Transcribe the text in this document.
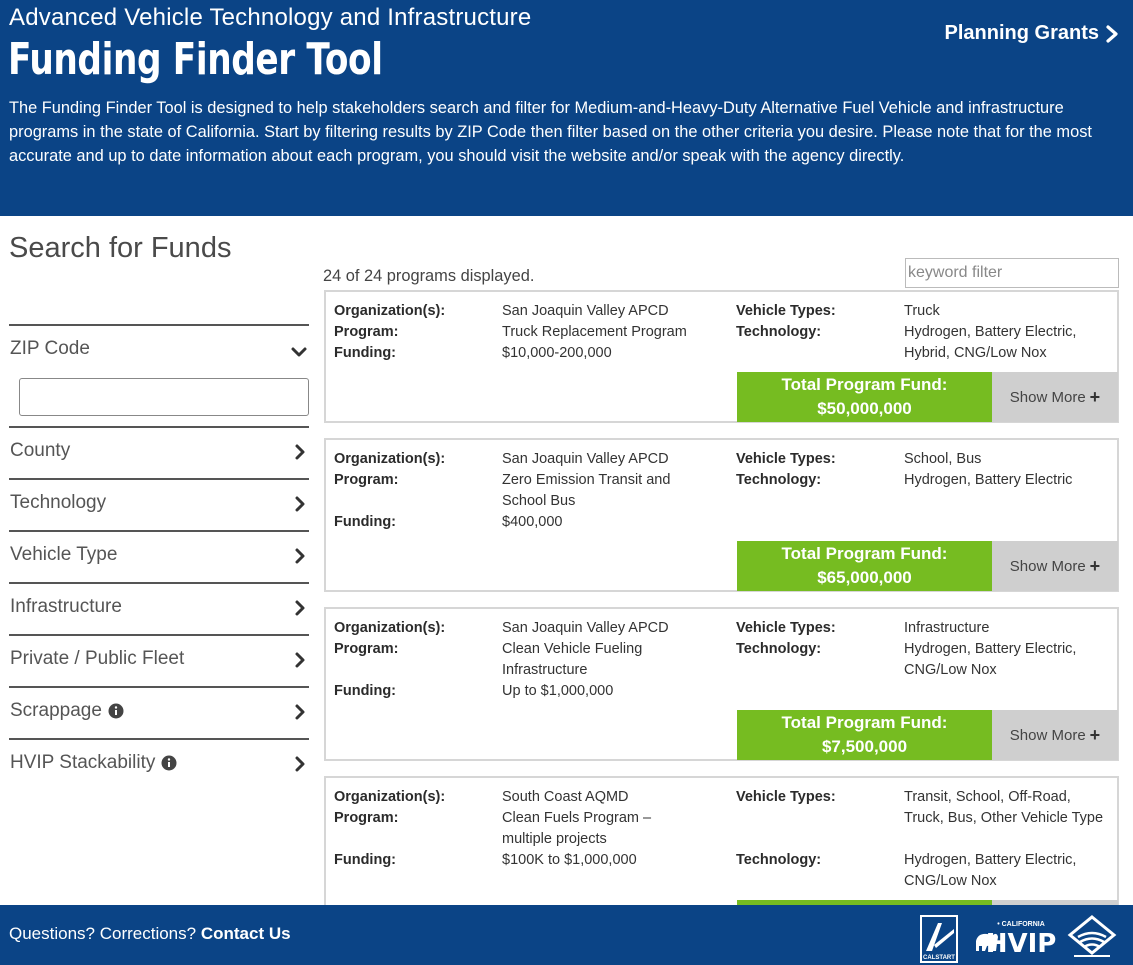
Advanced Vehicle Technology and Infrastructure
Funding Finder Tool
Planning Grants
The Funding Finder Tool is designed to help stakeholders search and filter for Medium-and-Heavy-Duty Alternative Fuel Vehicle and infrastructure programs in the state of California. Start by filtering results by ZIP Code then filter based on the other criteria you desire. Please note that for the most accurate and up to date information about each program, you should visit the website and/or speak with the agency directly.
Search for Funds
ZIP Code
County
Technology
Vehicle Type
Infrastructure
Private / Public Fleet
Scrappage
HVIP Stackability
24 of 24 programs displayed.
keyword filter
Organization(s):
Program:
Funding:
San Joaquin Valley APCD
Truck Replacement Program
$10,000-200,000
Vehicle Types:
Technology:
Truck
Hydrogen, Battery Electric, Hybrid, CNG/Low Nox
Total Program Fund:
$50,000,000
Show More +
Organization(s):
Program:
Funding:
San Joaquin Valley APCD
Zero Emission Transit and School Bus
$400,000
Vehicle Types:
Technology:
School, Bus
Hydrogen, Battery Electric
Total Program Fund:
$65,000,000
Show More +
Organization(s):
Program:
Funding:
San Joaquin Valley APCD
Clean Vehicle Fueling Infrastructure
Up to $1,000,000
Vehicle Types:
Technology:
Infrastructure
Hydrogen, Battery Electric, CNG/Low Nox
Total Program Fund:
$7,500,000
Show More +
Organization(s):
Program:
Funding:
South Coast AQMD
Clean Fuels Program – multiple projects
$100K to $1,000,000
Vehicle Types:
Technology:
Transit, School, Off-Road, Truck, Bus, Other Vehicle Type
Hydrogen, Battery Electric, CNG/Low Nox
Questions? Corrections? Contact Us
CALSTART
• CALIFORNIA
HVIP
